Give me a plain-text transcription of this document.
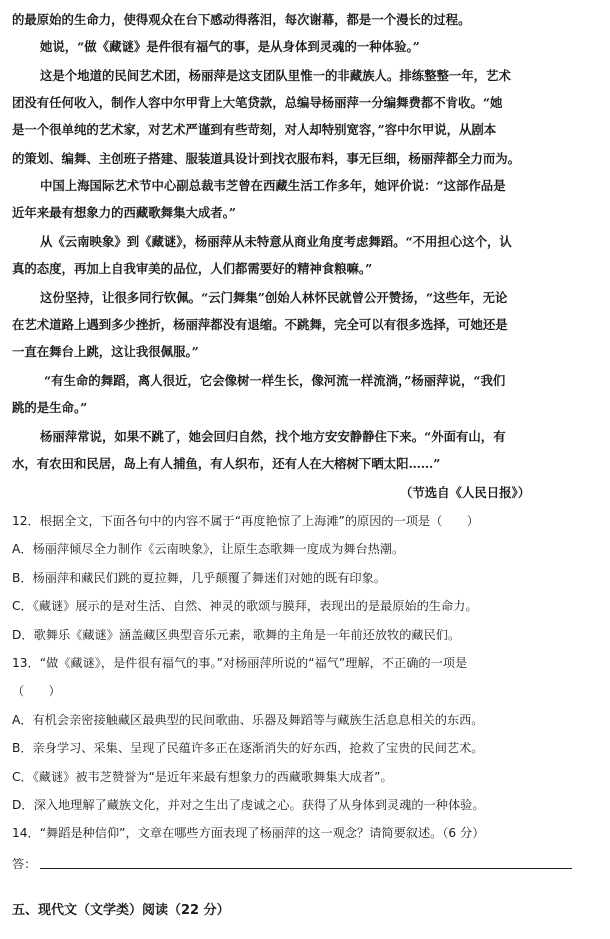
的最原始的生命力，使得观众在台下感动得落泪，每次谢幕，都是一个漫长的过程。
她说，“做《藏谜》是件很有福气的事，是从身体到灵魂的一种体验。”
这是个地道的民间艺术团，杨丽萍是这支团队里惟一的非藏族人。排练整整一年，艺术
团没有任何收入，制作人容中尔甲背上大笔贷款，总编导杨丽萍一分编舞费都不肯收。“她
是一个很单纯的艺术家，对艺术严谨到有些苛刻，对人却特别宽容，”容中尔甲说，从剧本
的策划、编舞、主创班子搭建、服装道具设计到找衣服布料，事无巨细，杨丽萍都全力而为。
中国上海国际艺术节中心副总裁韦芝曾在西藏生活工作多年，她评价说：“这部作品是
近年来最有想象力的西藏歌舞集大成者。”
从《云南映象》到《藏谜》，杨丽萍从未特意从商业角度考虑舞蹈。“不用担心这个，认
真的态度，再加上自我审美的品位，人们都需要好的精神食粮嘛。”
这份坚持，让很多同行钦佩。“云门舞集”创始人林怀民就曾公开赞扬，“这些年，无论
在艺术道路上遇到多少挫折，杨丽萍都没有退缩。不跳舞，完全可以有很多选择，可她还是
一直在舞台上跳，这让我很佩服。”
“有生命的舞蹈，离人很近，它会像树一样生长，像河流一样流淌，”杨丽萍说，“我们
跳的是生命。”
杨丽萍常说，如果不跳了，她会回归自然，找个地方安安静静住下来。“外面有山，有
水，有农田和民居，岛上有人捕鱼，有人织布，还有人在大榕树下晒太阳……”
（节选自《人民日报》）
12．根据全文，下面各句中的内容不属于“再度艳惊了上海滩”的原因的一项是（　　）
A．杨丽萍倾尽全力制作《云南映象》，让原生态歌舞一度成为舞台热潮。
B．杨丽萍和藏民们跳的夏拉舞，几乎颠覆了舞迷们对她的既有印象。
C．《藏谜》展示的是对生活、自然、神灵的歌颂与膜拜，表现出的是最原始的生命力。
D．歌舞乐《藏谜》涵盖藏区典型音乐元素，歌舞的主角是一年前还放牧的藏民们。
13．“做《藏谜》，是件很有福气的事。”对杨丽萍所说的“福气”理解，不正确的一项是
（　　）
A．有机会亲密接触藏区最典型的民间歌曲、乐器及舞蹈等与藏族生活息息相关的东西。
B．亲身学习、采集、呈现了民蕴许多正在逐渐消失的好东西，抢救了宝贵的民间艺术。
C．《藏谜》被韦芝赞誉为“是近年来最有想象力的西藏歌舞集大成者”。
D．深入地理解了藏族文化，并对之生出了虔诚之心。获得了从身体到灵魂的一种体验。
14．“舞蹈是种信仰”，文章在哪些方面表现了杨丽萍的这一观念？请简要叙述。（6 分）
答：
五、现代文（文学类）阅读（22 分）
